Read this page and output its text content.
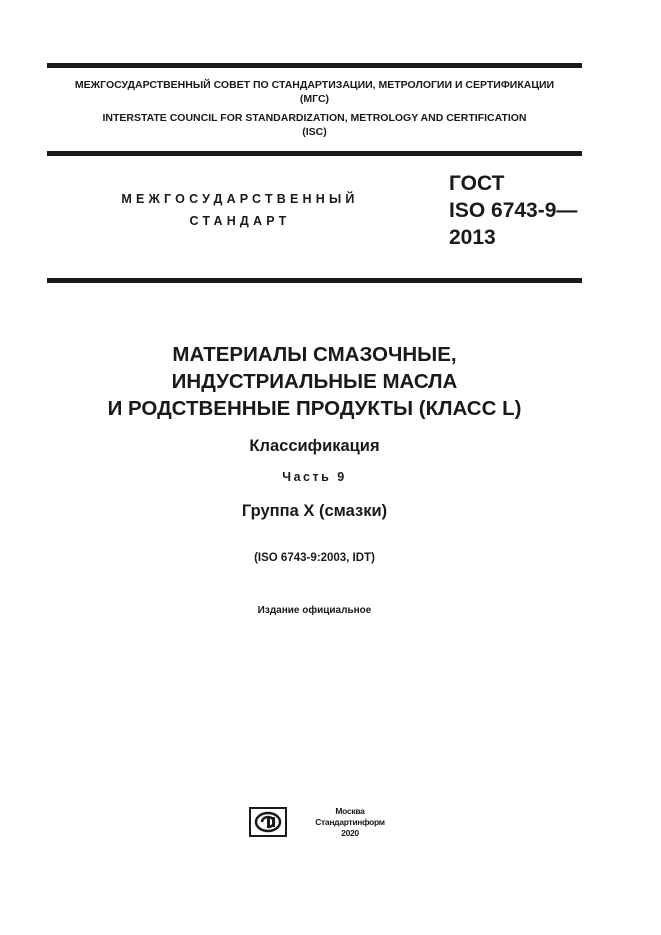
МЕЖГОСУДАРСТВЕННЫЙ СОВЕТ ПО СТАНДАРТИЗАЦИИ, МЕТРОЛОГИИ И СЕРТИФИКАЦИИ
(МГС)
INTERSTATE COUNCIL FOR STANDARDIZATION, METROLOGY AND CERTIFICATION
(ISC)
МЕЖГОСУДАРСТВЕННЫЙ
СТАНДАРТ
ГОСТ
ISO 6743-9—
2013
МАТЕРИАЛЫ СМАЗОЧНЫЕ,
ИНДУСТРИАЛЬНЫЕ МАСЛА
И РОДСТВЕННЫЕ ПРОДУКТЫ (КЛАСС L)
Классификация
Часть 9
Группа Х (смазки)
(ISO 6743-9:2003, IDT)
Издание официальное
Москва
Стандартинформ
2020
